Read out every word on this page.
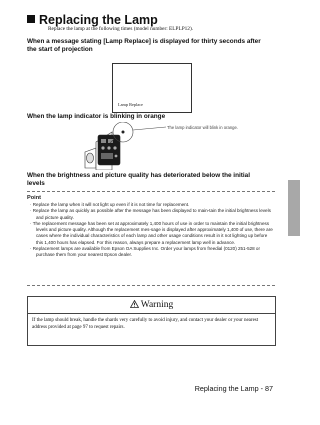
Replacing the Lamp
Replace the lamp at the following times (model number: ELPLP12).
When a message stating [Lamp Replace] is displayed for thirty seconds after the start of projection
Lamp Replace
When the lamp indicator is blinking in orange
The lamp indicator will blink in orange.
When the brightness and picture quality has deteriorated below the initial levels
Point
· Replace the lamp when it will not light up even if it is not time for replacement.
· Replace the lamp as quickly as possible after the message has been displayed to main-tain the initial brightness levels and picture quality.
· The replacement message has been set at approximately 1,400 hours of use in order to maintain the initial brightness levels and picture quality. Although the replacement mes-sage is displayed after approximately 1,400 of use, there are cases where the individual characteristics of each lamp and other usage conditions result in it not lighting up before this 1,400 hours has elapsed. For this reason, always prepare a replacement lamp well in advance.
· Replacement lamps are available from Epson OA Supplies Inc. Order your lamps from freedial (0120) 251-528 or purchase them from your nearest Epson dealer.
Warning
If the lamp should break, handle the shards very carefully to avoid injury, and contact your dealer or your nearest address provided at page 97 to request repairs.
Replacing the Lamp - 87
